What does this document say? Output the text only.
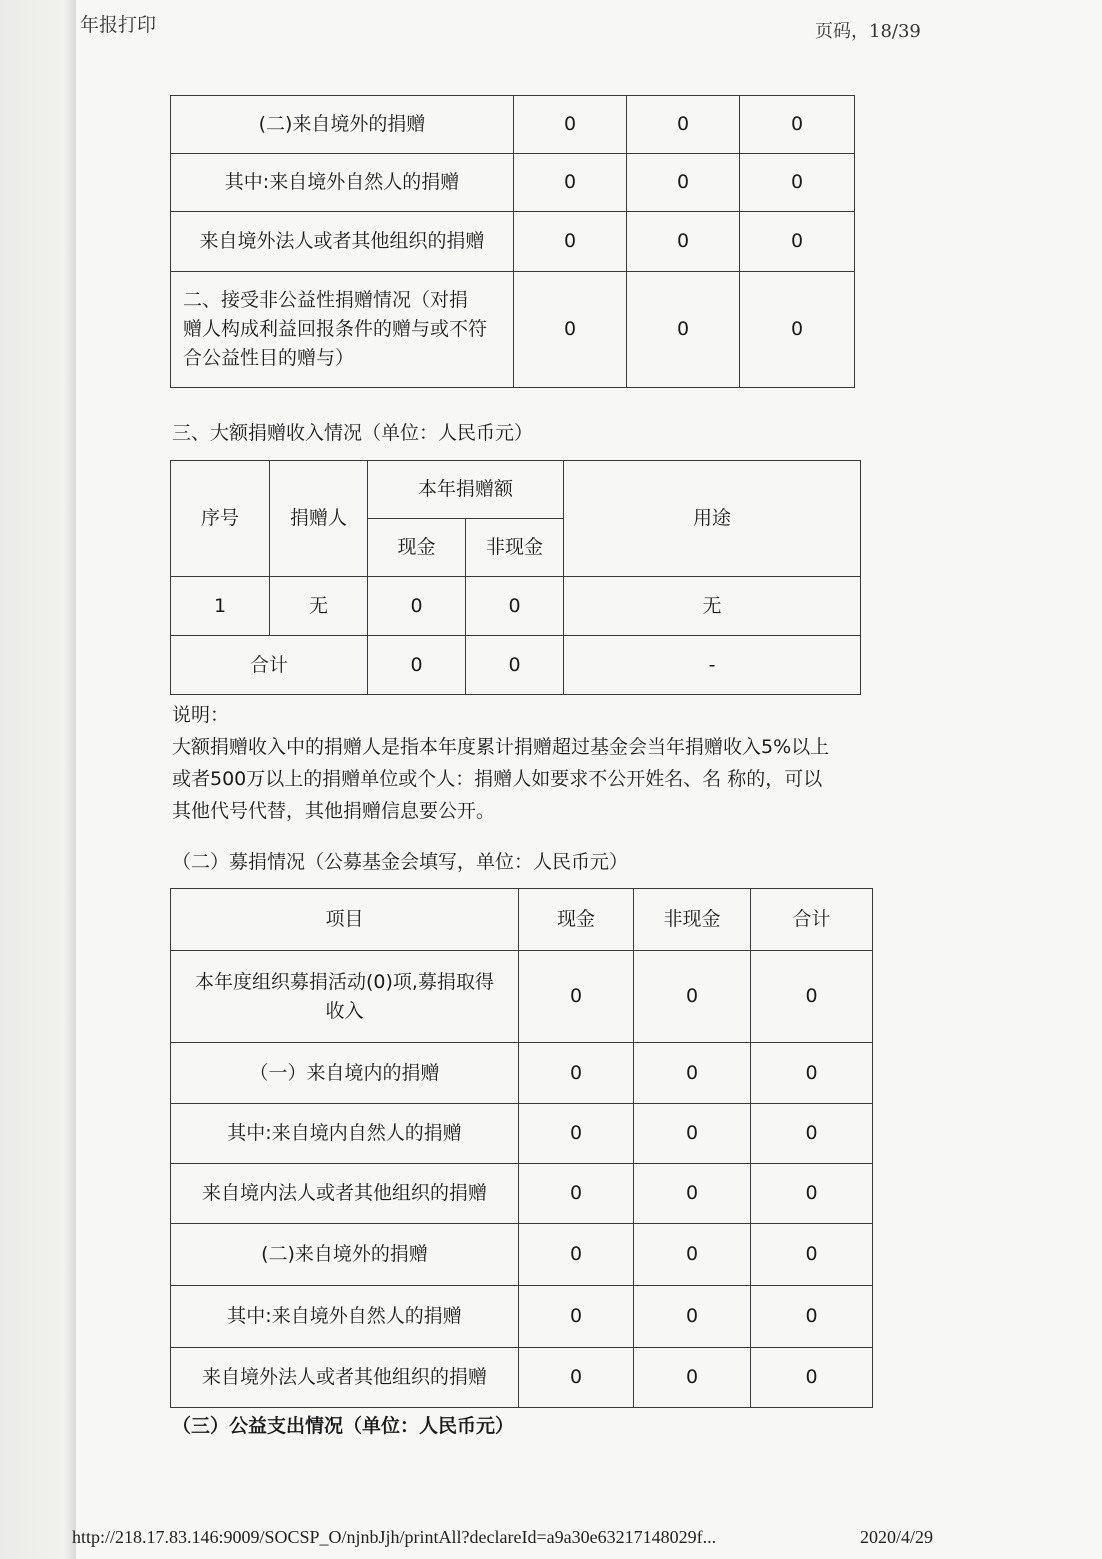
年报打印	页码，18/39
(二)来自境外的捐赠	0	0	0
其中:来自境外自然人的捐赠	0	0	0
来自境外法人或者其他组织的捐赠	0	0	0

二、接受非公益性捐赠情况（对捐
赠人构成利益回报条件的赠与或不符
合公益性目的赠与）	0	0	0
三、大额捐赠收入情况（单位：人民币元）
序号	捐赠人	本年捐赠额		用途
		现金	非现金	
1	无	0	0	无
合计		0	0	-
说明：
大额捐赠收入中的捐赠人是指本年度累计捐赠超过基金会当年捐赠收入5%以上
或者500万以上的捐赠单位或个人：捐赠人如要求不公开姓名、名 称的，可以
其他代号代替，其他捐赠信息要公开。
（二）募捐情况（公募基金会填写，单位：人民币元）
项目	现金	非现金	合计

本年度组织募捐活动(0)项,募捐取得
收入	0	0	0
（一）来自境内的捐赠	0	0	0
其中:来自境内自然人的捐赠	0	0	0
来自境内法人或者其他组织的捐赠	0	0	0
(二)来自境外的捐赠	0	0	0
其中:来自境外自然人的捐赠	0	0	0
来自境外法人或者其他组织的捐赠	0	0	0
（三）公益支出情况（单位：人民币元）
http://218.17.83.146:9009/SOCSP_O/njnbJjh/printAll?declareId=a9a30e63217148029f...	2020/4/29
